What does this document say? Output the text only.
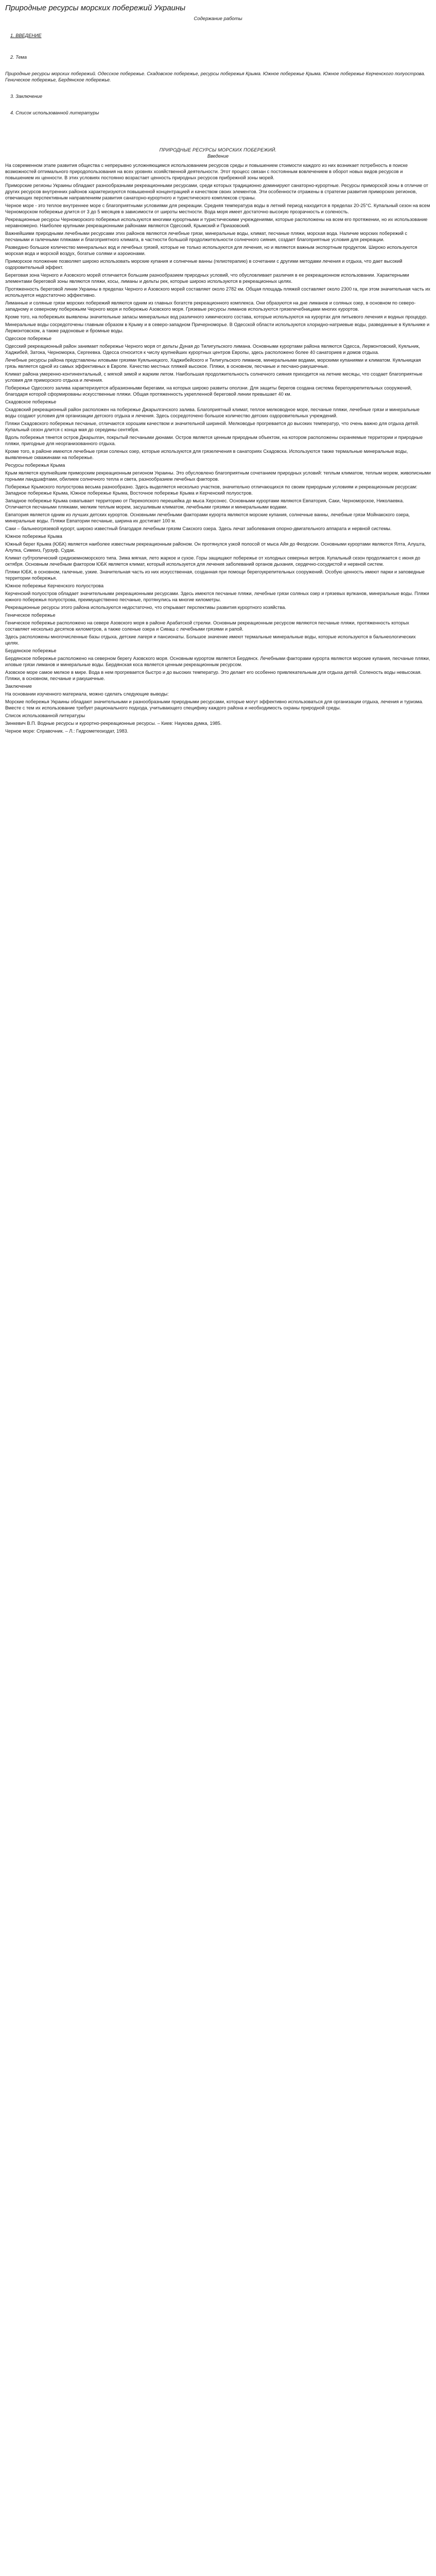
Природные ресурсы морских побережий Украины
Содержание работы
1. ВВЕДЕНИЕ
2. Тема
Природные ресурсы морских побережий. Одесское побережье. Скадовское побережье, ресурсы побережья Крыма. Южное побережье Крыма. Южное побережье Керченского полуострова. Геническое побережье, Бердянское побережье.
3. Заключение
4. Список использованной литературы
ПРИРОДНЫЕ РЕСУРСЫ МОРСКИХ ПОБЕРЕЖИЙ.
Введение

На современном этапе развития общества с непрерывно усложняющимся использованием ресурсов среды и повышением стоимости каждого из них возникает потребность в поиске возможностей оптимального природопользования на всех уровнях хозяйственной деятельности. Этот процесс связан с постоянным вовлечением в оборот новых видов ресурсов и повышением их ценности. В этих условиях постоянно возрастает ценность природных ресурсов прибрежной зоны морей.

Приморские регионы Украины обладают разнообразными рекреационными ресурсами, среди которых традиционно доминируют санаторно-курортные. Ресурсы приморской зоны в отличие от других ресурсов внутренних районов характеризуются повышенной концентрацией и качеством своих элементов. Эти особенности отражены в стратегии развития приморских регионов, отвечающих перспективным направлениям развития санаторно-курортного и туристического комплексов страны.

Черное море - это теплое внутреннее море с благоприятными условиями для рекреации. Средняя температура воды в летний период находится в пределах 20-25°С. Купальный сезон на всем Черноморском побережье длится от 3 до 5 месяцев в зависимости от широты местности. Вода моря имеет достаточно высокую прозрачность и соленость.

Рекреационные ресурсы Черноморского побережья используются многими курортными и туристическими учреждениями, которые расположены на всем его протяжении, но их использование неравномерно. Наиболее крупными рекреационными районами являются Одесский, Крымский и Приазовский.

Важнейшими природными лечебными ресурсами этих районов являются лечебные грязи, минеральные воды, климат, песчаные пляжи, морская вода. Наличие морских побережий с песчаными и галечными пляжами и благоприятного климата, в частности большой продолжительности солнечного сияния, создает благоприятные условия для рекреации.

Разведано большое количество минеральных вод и лечебных грязей, которые не только используются для лечения, но и являются важным экспортным продуктом. Широко используются морская вода и морской воздух, богатые солями и аэроионами.

Приморское положение позволяет широко использовать морские купания и солнечные ванны (гелиотерапию) в сочетании с другими методами лечения и отдыха, что дает высокий оздоровительный эффект.

Береговая зона Черного и Азовского морей отличается большим разнообразием природных условий, что обусловливает различия в ее рекреационном использовании. Характерными элементами береговой зоны являются пляжи, косы, лиманы и дельты рек, которые широко используются в рекреационных целях.

Протяженность береговой линии Украины в пределах Черного и Азовского морей составляет около 2782 км. Общая площадь пляжей составляет около 2300 га, при этом значительная часть их используется недостаточно эффективно.

Лиманные и соляные грязи морских побережий являются одним из главных богатств рекреационного комплекса. Они образуются на дне лиманов и соляных озер, в основном по северо-западному и северному побережьям Черного моря и побережью Азовского моря. Грязевые ресурсы лиманов используются грязелечебницами многих курортов.

Кроме того, на побережьях выявлены значительные запасы минеральных вод различного химического состава, которые используются на курортах для питьевого лечения и водных процедур.

Минеральные воды сосредоточены главным образом в Крыму и в северо-западном Причерноморье. В Одесской области используются хлоридно-натриевые воды, разведанные в Куяльнике и Лермонтовском, а также радоновые и бромные воды.

Одесское побережье

Одесский рекреационный район занимает побережье Черного моря от дельты Дуная до Тилигульского лимана. Основными курортами района являются Одесса, Лермонтовский, Куяльник, Хаджибей, Затока, Черноморка, Сергеевка. Одесса относится к числу крупнейших курортных центров Европы, здесь расположено более 40 санаториев и домов отдыха.

Лечебные ресурсы района представлены иловыми грязями Куяльницкого, Хаджибейского и Тилигульского лиманов, минеральными водами, морскими купаниями и климатом. Куяльницкая грязь является одной из самых эффективных в Европе. Качество местных пляжей высокое. Пляжи, в основном, песчаные и песчано-ракушечные.

Климат района умеренно-континентальный, с мягкой зимой и жарким летом. Наибольшая продолжительность солнечного сияния приходится на летние месяцы, что создает благоприятные условия для приморского отдыха и лечения.

Побережье Одесского залива характеризуется абразионными берегами, на которых широко развиты оползни. Для защиты берегов создана система берегоукрепительных сооружений, благодаря которой сформированы искусственные пляжи. Общая протяженность укрепленной береговой линии превышает 40 км.

Скадовское побережье

Скадовский рекреационный район расположен на побережье Джарылгачского залива. Благоприятный климат, теплое мелководное море, песчаные пляжи, лечебные грязи и минеральные воды создают условия для организации детского отдыха и лечения. Здесь сосредоточено большое количество детских оздоровительных учреждений.

Пляжи Скадовского побережья песчаные, отличаются хорошим качеством и значительной шириной. Мелководье прогревается до высоких температур, что очень важно для отдыха детей. Купальный сезон длится с конца мая до середины сентября.

Вдоль побережья тянется остров Джарылгач, покрытый песчаными дюнами. Остров является ценным природным объектом, на котором расположены охраняемые территории и природные пляжи, пригодные для неорганизованного отдыха.

Кроме того, в районе имеются лечебные грязи соленых озер, которые используются для грязелечения в санаториях Скадовска. Используются также термальные минеральные воды, выявленные скважинами на побережье.

Ресурсы побережья Крыма

Крым является крупнейшим приморским рекреационным регионом Украины. Это обусловлено благоприятным сочетанием природных условий: теплым климатом, теплым морем, живописными горными ландшафтами, обилием солнечного тепла и света, разнообразием лечебных факторов.

Побережье Крымского полуострова весьма разнообразно. Здесь выделяется несколько участков, значительно отличающихся по своим природным условиям и рекреационным ресурсам: Западное побережье Крыма, Южное побережье Крыма, Восточное побережье Крыма и Керченский полуостров.

Западное побережье Крыма охватывает территорию от Перекопского перешейка до мыса Херсонес. Основными курортами являются Евпатория, Саки, Черноморское, Николаевка. Отличается песчаными пляжами, мелким теплым морем, засушливым климатом, лечебными грязями и минеральными водами.

Евпатория является одним из лучших детских курортов. Основными лечебными факторами курорта являются морские купания, солнечные ванны, лечебные грязи Мойнакского озера, минеральные воды. Пляжи Евпатории песчаные, ширина их достигает 100 м.

Саки – бальнеогрязевой курорт, широко известный благодаря лечебным грязям Сакского озера. Здесь лечат заболевания опорно-двигательного аппарата и нервной системы.

Южное побережье Крыма

Южный берег Крыма (ЮБК) является наиболее известным рекреационным районом. Он протянулся узкой полосой от мыса Айя до Феодосии. Основными курортами являются Ялта, Алушта, Алупка, Симеиз, Гурзуф, Судак.

Климат субтропический средиземноморского типа. Зима мягкая, лето жаркое и сухое. Горы защищают побережье от холодных северных ветров. Купальный сезон продолжается с июня до октября. Основным лечебным фактором ЮБК является климат, который используется для лечения заболеваний органов дыхания, сердечно-сосудистой и нервной систем.

Пляжи ЮБК, в основном, галечные, узкие. Значительная часть из них искусственная, созданная при помощи берегоукрепительных сооружений. Особую ценность имеют парки и заповедные территории побережья.

Южное побережье Керченского полуострова

Керченский полуостров обладает значительными рекреационными ресурсами. Здесь имеются песчаные пляжи, лечебные грязи соляных озер и грязевых вулканов, минеральные воды. Пляжи южного побережья полуострова, преимущественно песчаные, протянулись на многие километры.

Рекреационные ресурсы этого района используются недостаточно, что открывает перспективы развития курортного хозяйства.

Геническое побережье

Геническое побережье расположено на севере Азовского моря в районе Арабатской стрелки. Основным рекреационным ресурсом являются песчаные пляжи, протяженность которых составляет несколько десятков километров, а также соленые озера и Сиваш с лечебными грязями и рапой.

Здесь расположены многочисленные базы отдыха, детские лагеря и пансионаты. Большое значение имеют термальные минеральные воды, которые используются в бальнеологических целях.

Бердянское побережье

Бердянское побережье расположено на северном берегу Азовского моря. Основным курортом является Бердянск. Лечебными факторами курорта являются морские купания, песчаные пляжи, иловые грязи лиманов и минеральные воды. Бердянская коса является ценным рекреационным ресурсом.

Азовское море самое мелкое в мире. Вода в нем прогревается быстро и до высоких температур. Это делает его особенно привлекательным для отдыха детей. Соленость воды невысокая. Пляжи, в основном, песчаные и ракушечные.

Заключение

На основании изученного материала, можно сделать следующие выводы:

Морские побережья Украины обладают значительными и разнообразными природными ресурсами, которые могут эффективно использоваться для организации отдыха, лечения и туризма. Вместе с тем их использование требует рационального подхода, учитывающего специфику каждого района и необходимость охраны природной среды.

Список использованной литературы

Зинкевич В.П. Водные ресурсы и курортно-рекреационные ресурсы. – Киев: Наукова думка, 1985.

Черное море: Справочник. – Л.: Гидрометеоиздат, 1983.
